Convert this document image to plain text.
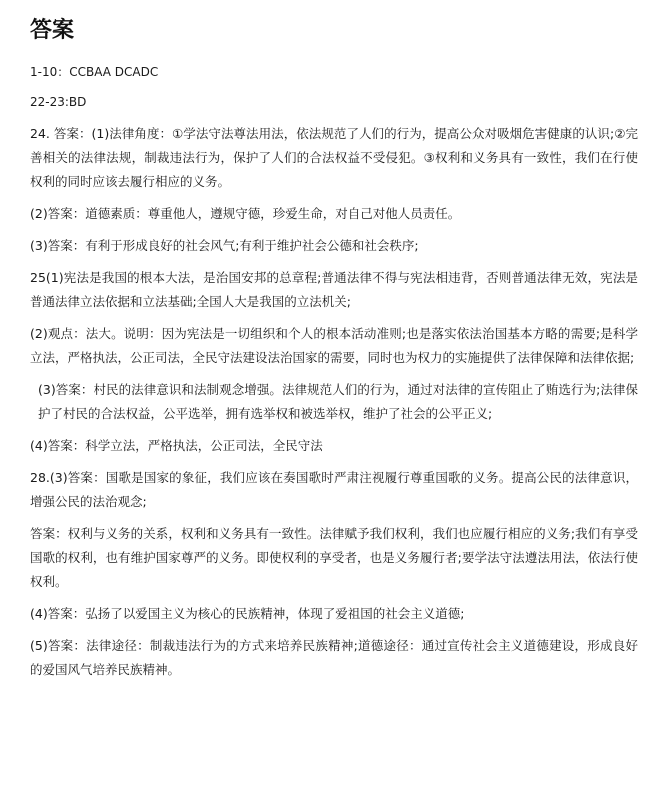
答案
1-10：CCBAA DCADC
22-23:BD

24. 答案：(1)法律角度：①学法守法尊法用法，依法规范了人们的行为，提高公众对吸烟危害健康的认识;②完善相关的法律法规，制裁违法行为，保护了人们的合法权益不受侵犯。③权利和义务具有一致性，我们在行使权利的同时应该去履行相应的义务。

(2)答案：道德素质：尊重他人，遵规守德，珍爱生命，对自己对他人员责任。

(3)答案：有利于形成良好的社会风气;有利于维护社会公德和社会秩序;

25(1)宪法是我国的根本大法，是治国安邦的总章程;普通法律不得与宪法相违背，否则普通法律无效，宪法是普通法律立法依据和立法基础;全国人大是我国的立法机关;

(2)观点：法大。说明：因为宪法是一切组织和个人的根本活动准则;也是落实依法治国基本方略的需要;是科学立法，严格执法，公正司法，全民守法建设法治国家的需要，同时也为权力的实施提供了法律保障和法律依据;

(3)答案：村民的法律意识和法制观念增强。法律规范人们的行为，通过对法律的宣传阻止了贿选行为;法律保护了村民的合法权益，公平选举，拥有选举权和被选举权，维护了社会的公平正义;

(4)答案：科学立法，严格执法，公正司法，全民守法

28.(3)答案：国歌是国家的象征，我们应该在奏国歌时严肃注视履行尊重国歌的义务。提高公民的法律意识，增强公民的法治观念;

答案：权利与义务的关系，权利和义务具有一致性。法律赋予我们权利，我们也应履行相应的义务;我们有享受国歌的权利，也有维护国家尊严的义务。即使权利的享受者，也是义务履行者;要学法守法遵法用法，依法行使权利。

(4)答案：弘扬了以爱国主义为核心的民族精神，体现了爱祖国的社会主义道德;

(5)答案：法律途径：制裁违法行为的方式来培养民族精神;道德途径：通过宣传社会主义道德建设，形成良好的爱国风气培养民族精神。
